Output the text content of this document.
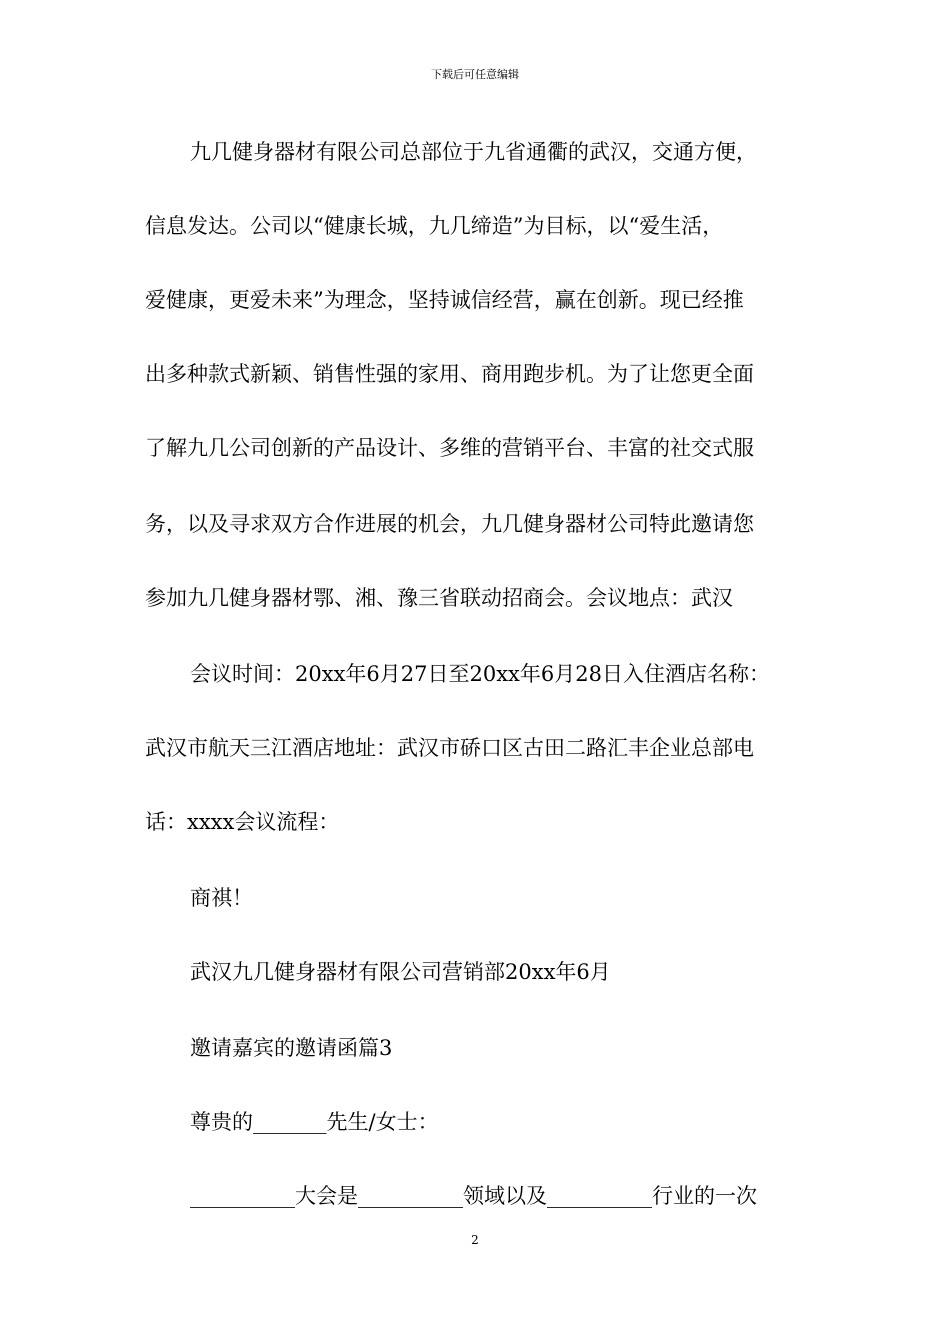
下载后可任意编辑
九几健身器材有限公司总部位于九省通衢的武汉，交通方便，
信息发达。公司以“健康长城，九几缔造”为目标，以“爱生活，
爱健康，更爱未来”为理念，坚持诚信经营，赢在创新。现已经推
出多种款式新颖、销售性强的家用、商用跑步机。为了让您更全面
了解九几公司创新的产品设计、多维的营销平台、丰富的社交式服
务，以及寻求双方合作进展的机会，九几健身器材公司特此邀请您
参加九几健身器材鄂、湘、豫三省联动招商会。会议地点：武汉
会议时间：20xx年6月27日至20xx年6月28日入住酒店名称：
武汉市航天三江酒店地址：武汉市硚口区古田二路汇丰企业总部电
话：xxxx会议流程：
商祺！
武汉九几健身器材有限公司营销部20xx年6月
邀请嘉宾的邀请函篇3
尊贵的_______先生/女士：
__________大会是__________领域以及__________行业的一次
2
